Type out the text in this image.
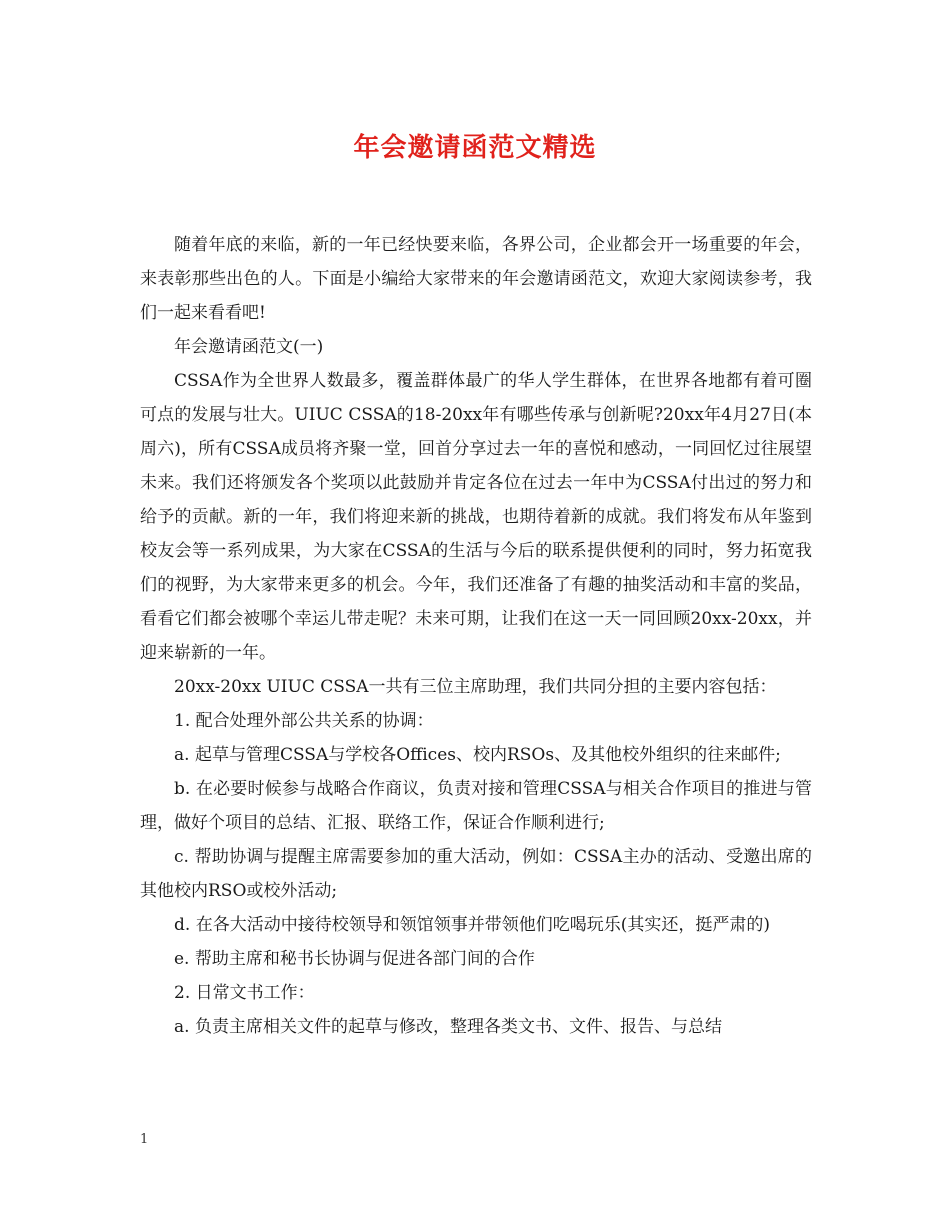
年会邀请函范文精选

随着年底的来临，新的一年已经快要来临，各界公司，企业都会开一场重要的年会，来表彰那些出色的人。下面是小编给大家带来的年会邀请函范文，欢迎大家阅读参考，我们一起来看看吧!

年会邀请函范文(一)

CSSA作为全世界人数最多，覆盖群体最广的华人学生群体，在世界各地都有着可圈可点的发展与壮大。UIUC CSSA的18-20xx年有哪些传承与创新呢?20xx年4月27日(本周六)，所有CSSA成员将齐聚一堂，回首分享过去一年的喜悦和感动，一同回忆过往展望未来。我们还将颁发各个奖项以此鼓励并肯定各位在过去一年中为CSSA付出过的努力和给予的贡献。新的一年，我们将迎来新的挑战，也期待着新的成就。我们将发布从年鉴到校友会等一系列成果，为大家在CSSA的生活与今后的联系提供便利的同时，努力拓宽我们的视野，为大家带来更多的机会。今年，我们还准备了有趣的抽奖活动和丰富的奖品，看看它们都会被哪个幸运儿带走呢？未来可期，让我们在这一天一同回顾20xx-20xx，并迎来崭新的一年。

20xx-20xx UIUC CSSA一共有三位主席助理，我们共同分担的主要内容包括：

1. 配合处理外部公共关系的协调：

a. 起草与管理CSSA与学校各Offices、校内RSOs、及其他校外组织的往来邮件;

b. 在必要时候参与战略合作商议，负责对接和管理CSSA与相关合作项目的推进与管理，做好个项目的总结、汇报、联络工作，保证合作顺利进行;

c. 帮助协调与提醒主席需要参加的重大活动，例如：CSSA主办的活动、受邀出席的其他校内RSO或校外活动;

d. 在各大活动中接待校领导和领馆领事并带领他们吃喝玩乐(其实还，挺严肃的)

e. 帮助主席和秘书长协调与促进各部门间的合作

2. 日常文书工作：

a. 负责主席相关文件的起草与修改，整理各类文书、文件、报告、与总结

1
